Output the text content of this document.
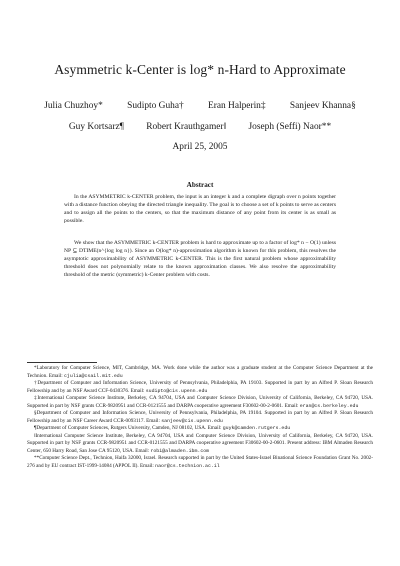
Asymmetric k-Center is log* n-Hard to Approximate
Julia Chuzhoy*	Sudipto Guha†	Eran Halperin‡	Sanjeev Khanna§
Guy Kortsarz¶ Robert Krauthgamer‖ Joseph (Seffi) Naor**
April 25, 2005
Abstract

In the ASYMMETRIC k-CENTER problem, the input is an integer k and a complete digraph over n points together with a distance function obeying the directed triangle inequality. The goal is to choose a set of k points to serve as centers and to assign all the points to the centers, so that the maximum distance of any point from its center is as small as possible.

We show that the ASYMMETRIC k-CENTER problem is hard to approximate up to a factor of log* n − O(1) unless NP ⊆ DTIME(n^{log log n}). Since an O(log* n)-approximation algorithm is known for this problem, this resolves the asymptotic approximability of ASYMMETRIC k-CENTER. This is the first natural problem whose approximability threshold does not polynomially relate to the known approximation classes. We also resolve the approximability threshold of the metric (symmetric) k-Center problem with costs.

*Laboratory for Computer Science, MIT, Cambridge, MA. Work done while the author was a graduate student at the Computer Science Department at the Technion. Email: cjulia@csail.mit.edu
†Department of Computer and Information Science, University of Pennsylvania, Philadelphia, PA 19103. Supported in part by an Alfred P. Sloan Research Fellowship and by an NSF Award CCF-0430376. Email: sudipto@cis.upenn.edu
‡International Computer Science Institute, Berkeley, CA 94704, USA and Computer Science Division, University of California, Berkeley, CA 94720, USA. Supported in part by NSF grants CCR-9820951 and CCR-0121555 and DARPA cooperative agreement F30602-00-2-0601. Email: eran@cs.berkeley.edu
§Department of Computer and Information Science, University of Pennsylvania, Philadelphia, PA 19104. Supported in part by an Alfred P. Sloan Research Fellowship and by an NSF Career Award CCR-0093117. Email: sanjeev@cis.upenn.edu
¶Department of Computer Sciences, Rutgers University, Camden, NJ 08102, USA. Email: guyk@camden.rutgers.edu
‖International Computer Science Institute, Berkeley, CA 94704, USA and Computer Science Division, University of California, Berkeley, CA 94720, USA. Supported in part by NSF grants CCR-9820951 and CCR-0121555 and DARPA cooperative agreement F30602-00-2-0601. Present address: IBM Almaden Research Center, 650 Harry Road, San Jose CA 95120, USA. Email: robi@almaden.ibm.com
**Computer Science Dept., Technion, Haifa 32000, Israel. Research supported in part by the United States-Israel Binational Science Foundation Grant No. 2002-276 and by EU contract IST-1999-14084 (APPOL II). Email: naor@cs.technion.ac.il
